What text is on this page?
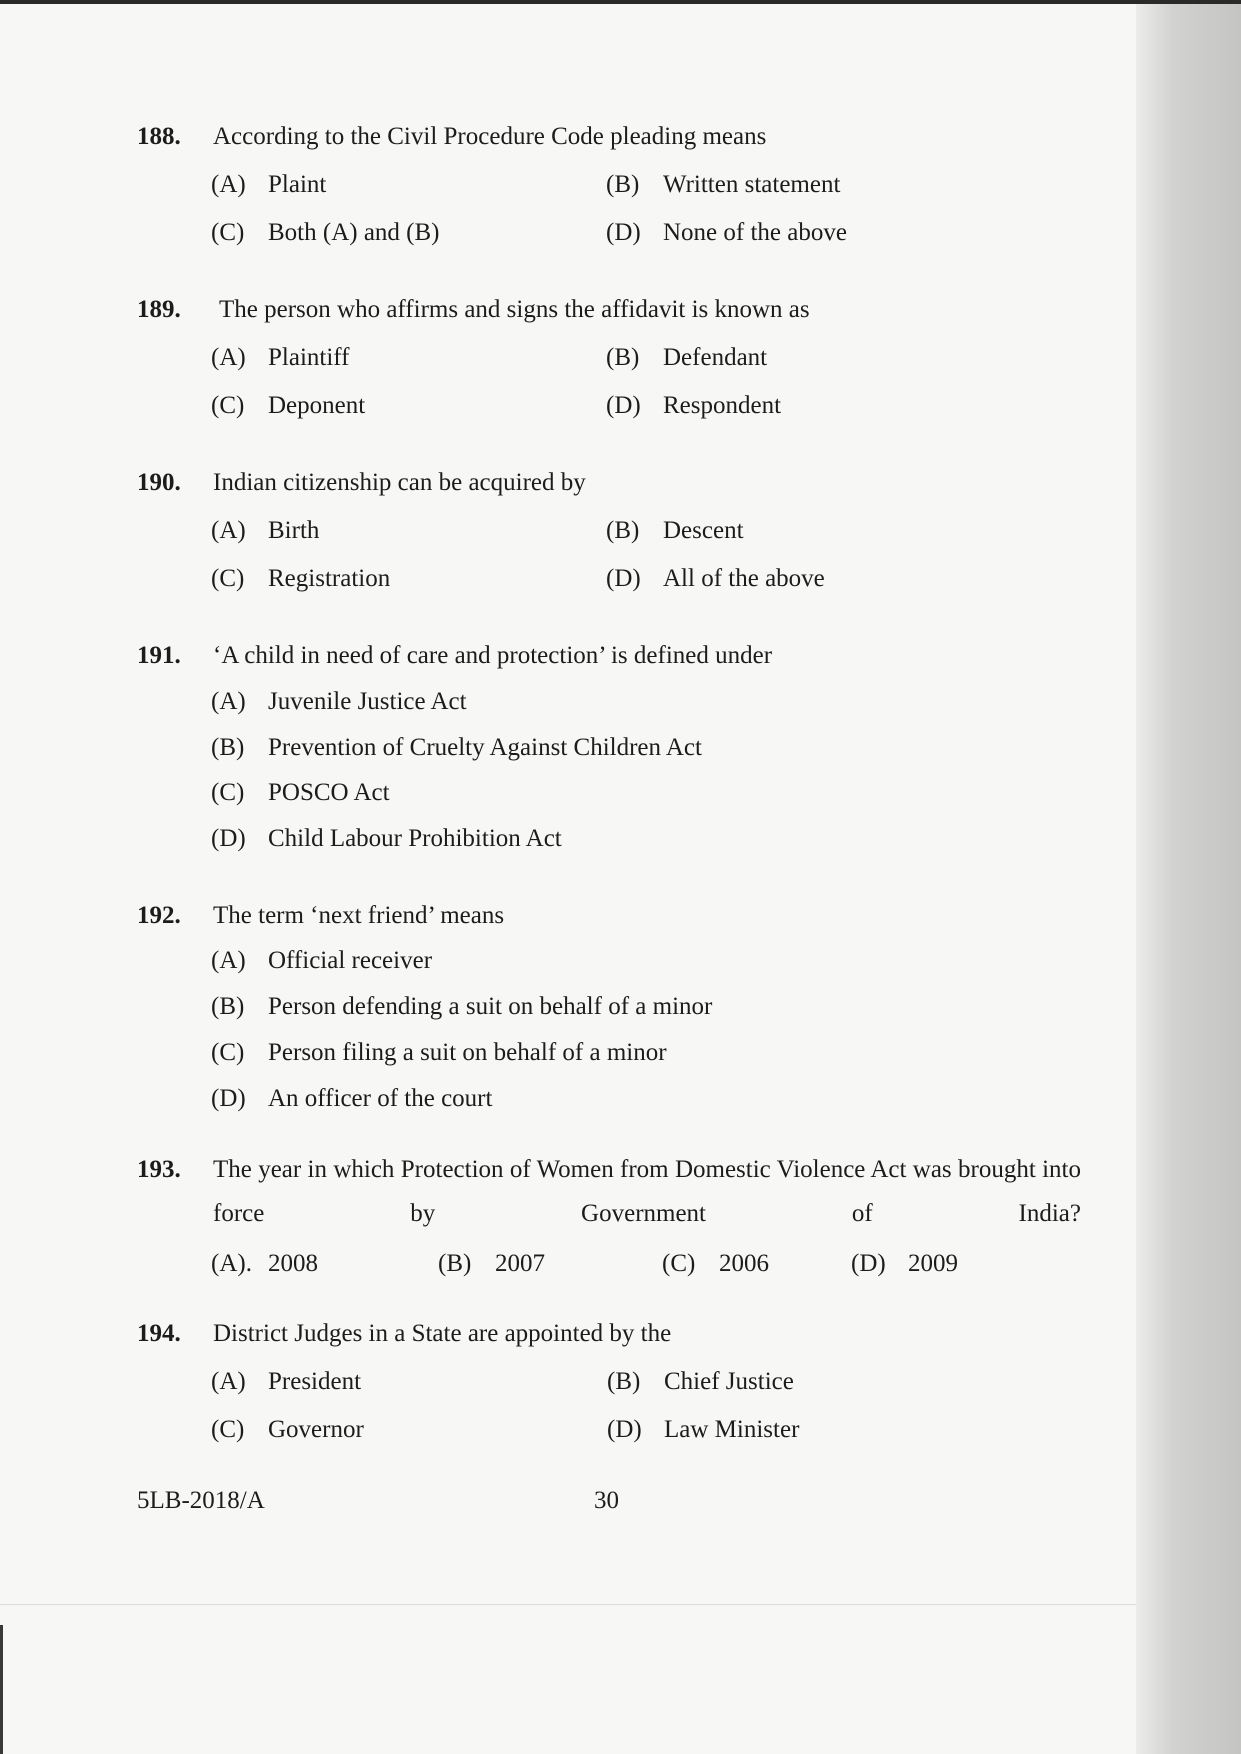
188. According to the Civil Procedure Code pleading means
(A) Plaint	(B) Written statement
(C) Both (A) and (B)	(D) None of the above
189. The person who affirms and signs the affidavit is known as
(A) Plaintiff	(B) Defendant
(C) Deponent	(D) Respondent
190. Indian citizenship can be acquired by
(A) Birth	(B) Descent
(C) Registration	(D) All of the above
191. ‘A child in need of care and protection’ is defined under
(A) Juvenile Justice Act
(B) Prevention of Cruelty Against Children Act
(C) POSCO Act
(D) Child Labour Prohibition Act
192. The term ‘next friend’ means
(A) Official receiver
(B) Person defending a suit on behalf of a minor
(C) Person filing a suit on behalf of a minor
(D) An officer of the court
193. The year in which Protection of Women from Domestic Violence Act was brought into force by Government of India?
(A). 2008	(B) 2007	(C) 2006	(D) 2009
194. District Judges in a State are appointed by the
(A) President	(B) Chief Justice
(C) Governor	(D) Law Minister
5LB-2018/A	30
